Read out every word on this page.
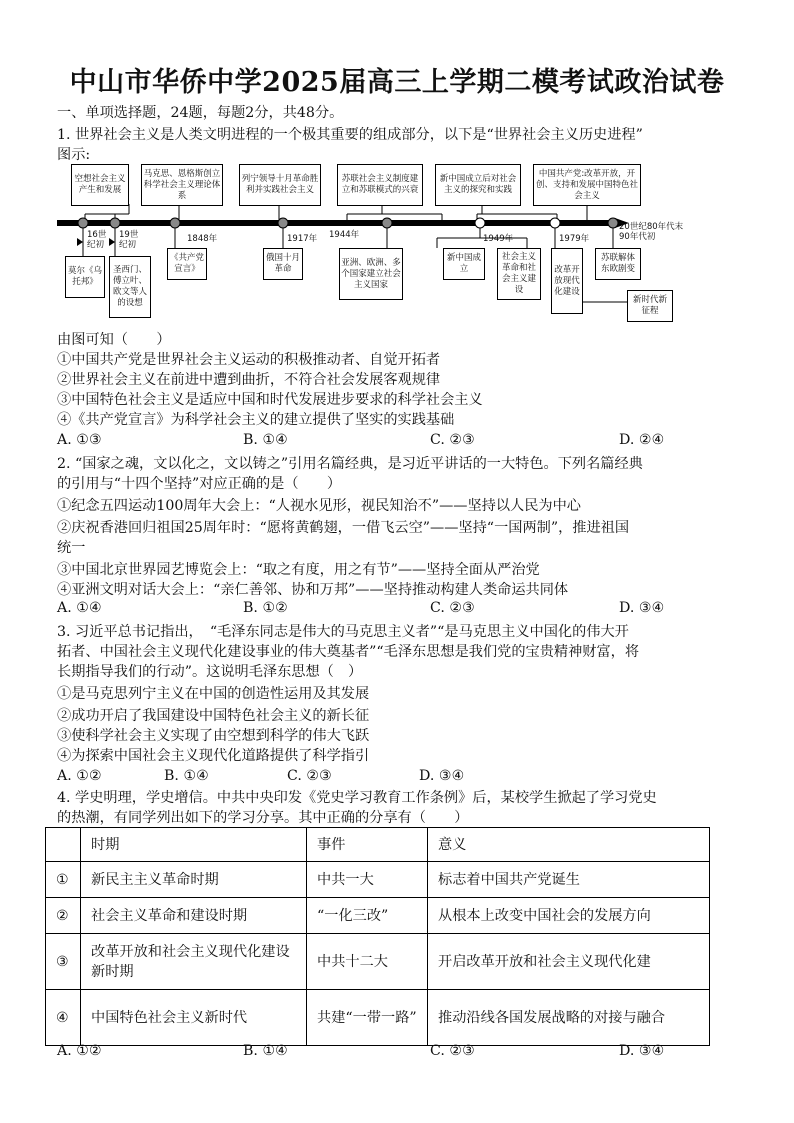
中山市华侨中学2025届高三上学期二模考试政治试卷
一、单项选择题，24题，每题2分，共48分。
1. 世界社会主义是人类文明进程的一个极其重要的组成部分，以下是“世界社会主义历史进程”
图示:
空想社会主义产生和发展
马克思、恩格斯创立科学社会主义理论体系
列宁领导十月革命胜利并实践社会主义
苏联社会主义制度建立和苏联模式的兴衰
新中国成立后对社会主义的探究和实践
中国共产党:改革开放，开创、支持和发展中国特色社会主义
16世纪初
19世纪初
1848年	1917年 1944年	1949年	1979年
20世纪80年代末90年代初
莫尔《乌托邦》
圣西门、傅立叶、欧文等人的设想
《共产党宣言》
俄国十月革命
亚洲、欧洲、多个国家建立社会主义国家
新中国成立
社会主义革命和社会主义建设
改革开放现代化建设
苏联解体东欧剧变
新时代新征程
由图可知（　　）
①中国共产党是世界社会主义运动的积极推动者、自觉开拓者
②世界社会主义在前进中遭到曲折，不符合社会发展客观规律
③中国特色社会主义是适应中国和时代发展进步要求的科学社会主义
④《共产党宣言》为科学社会主义的建立提供了坚实的实践基础
A. ①③	B. ①④	C. ②③	D. ②④
2. “国家之魂，文以化之，文以铸之”引用名篇经典，是习近平讲话的一大特色。下列名篇经典
的引用与“十四个坚持”对应正确的是（　　）
①纪念五四运动100周年大会上：“人视水见形，视民知治不”——坚持以人民为中心
②庆祝香港回归祖国25周年时：“愿将黄鹤翅，一借飞云空”——坚持“一国两制”，推进祖国
统一
③中国北京世界园艺博览会上：“取之有度，用之有节”——坚持全面从严治党
④亚洲文明对话大会上：“亲仁善邻、协和万邦”——坚持推动构建人类命运共同体
A. ①④	B. ①②	C. ②③	D. ③④
3. 习近平总书记指出，　“毛泽东同志是伟大的马克思主义者”“是马克思主义中国化的伟大开
拓者、中国社会主义现代化建设事业的伟大奠基者”“毛泽东思想是我们党的宝贵精神财富，将
长期指导我们的行动”。这说明毛泽东思想（　）
①是马克思列宁主义在中国的创造性运用及其发展
②成功开启了我国建设中国特色社会主义的新长征
③使科学社会主义实现了由空想到科学的伟大飞跃
④为探索中国社会主义现代化道路提供了科学指引
A. ①②	B. ①④	C. ②③	D. ③④
4. 学史明理，学史增信。中共中央印发《党史学习教育工作条例》后，某校学生掀起了学习党史
的热潮，有同学列出如下的学习分享。其中正确的分享有（　　）
	时期	事件	意义
①	新民主主义革命时期	中共一大	标志着中国共产党诞生
②	社会主义革命和建设时期	“一化三改”	从根本上改变中国社会的发展方向
③	改革开放和社会主义现代化建设新时期	中共十二大	开启改革开放和社会主义现代化建
④	中国特色社会主义新时代	共建“一带一路”	推动沿线各国发展战略的对接与融合
A. ①②	B. ①④	C. ②③	D. ③④
